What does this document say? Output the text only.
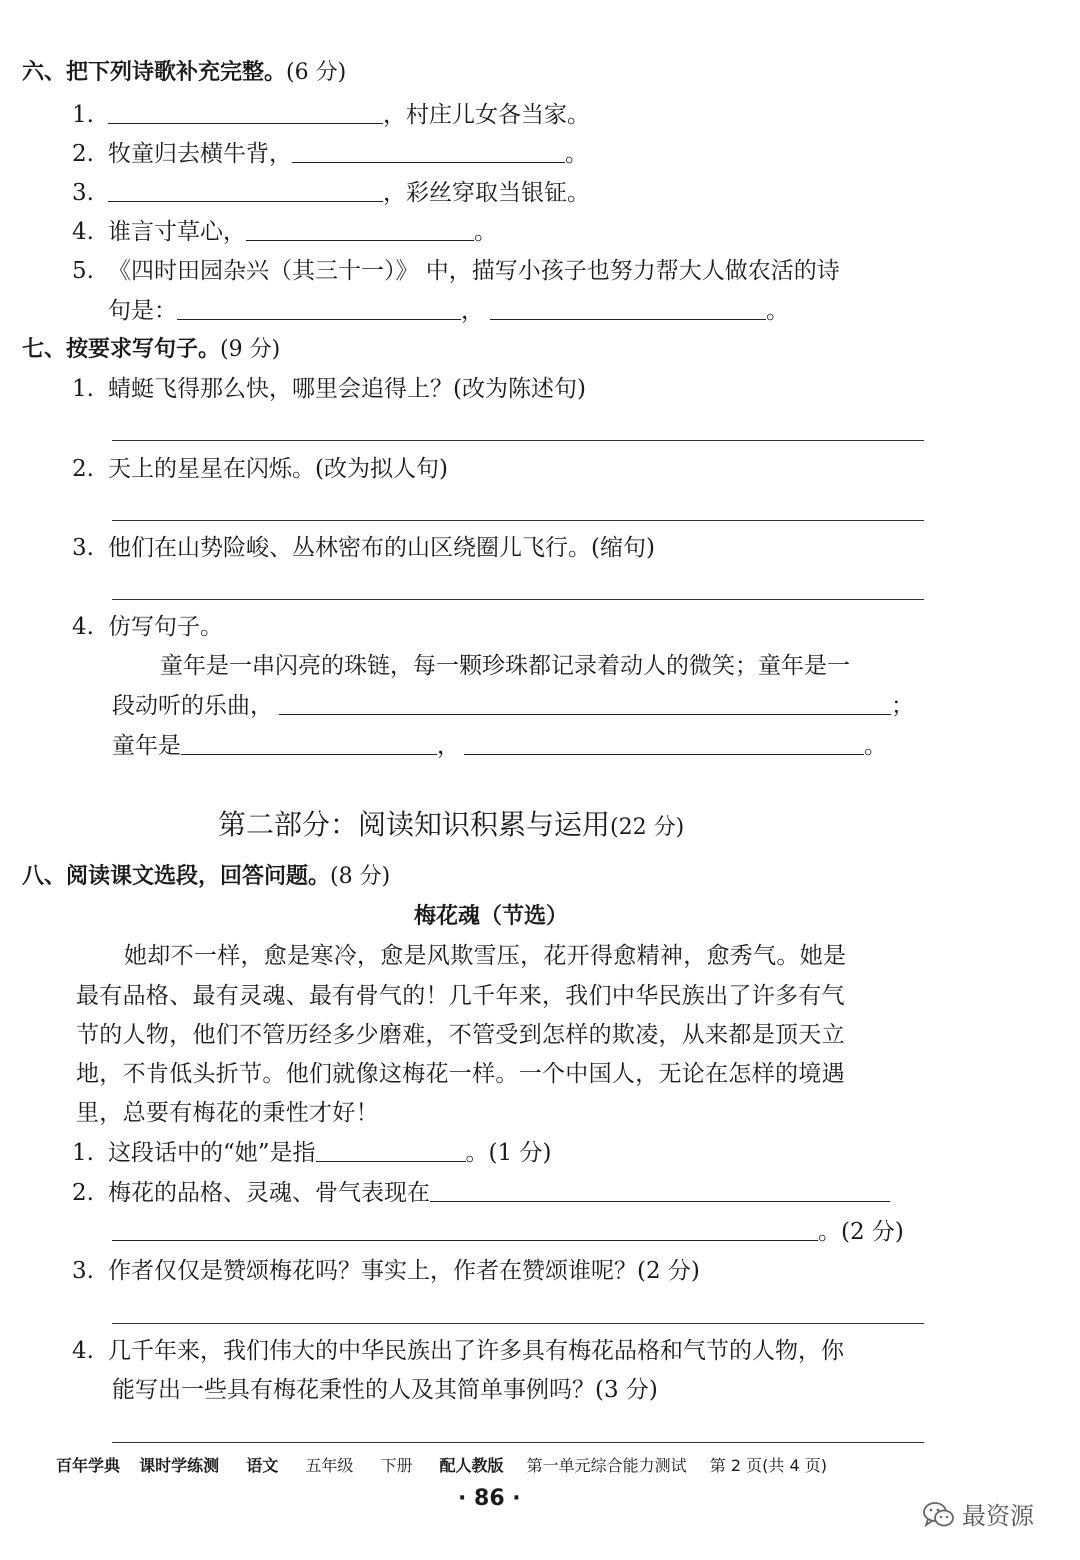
六、把下列诗歌补充完整。(6 分)
1.	，村庄儿女各当家。
2. 牧童归去横牛背，	。
3.	，彩丝穿取当银钲。
4. 谁言寸草心，	。
5. 《四时田园杂兴（其三十一）》 中，描写小孩子也努力帮大人做农活的诗
句是：	，	。
七、按要求写句子。(9 分)
1. 蜻蜓飞得那么快，哪里会追得上？(改为陈述句)
2. 天上的星星在闪烁。(改为拟人句)
3. 他们在山势险峻、丛林密布的山区绕圈儿飞行。(缩句)
4. 仿写句子。
童年是一串闪亮的珠链，每一颗珍珠都记录着动人的微笑；童年是一
段动听的乐曲，	；
童年是	，	。
第二部分：阅读知识积累与运用(22 分)
八、阅读课文选段，回答问题。(8 分)
梅花魂（节选）
她却不一样，愈是寒冷，愈是风欺雪压，花开得愈精神，愈秀气。她是
最有品格、最有灵魂、最有骨气的！几千年来，我们中华民族出了许多有气
节的人物，他们不管历经多少磨难，不管受到怎样的欺凌，从来都是顶天立
地，不肯低头折节。他们就像这梅花一样。一个中国人，无论在怎样的境遇
里，总要有梅花的秉性才好！
1. 这段话中的“她”是指	。(1 分)
2. 梅花的品格、灵魂、骨气表现在
。(2 分)
3. 作者仅仅是赞颂梅花吗？事实上，作者在赞颂谁呢？(2 分)
4. 几千年来，我们伟大的中华民族出了许多具有梅花品格和气节的人物，你
能写出一些具有梅花秉性的人及其简单事例吗？(3 分)
百年学典 课时学练测 语文 五年级 下册 配人教版 第一单元综合能力测试 第 2 页(共 4 页)
· 86 ·
最资源
